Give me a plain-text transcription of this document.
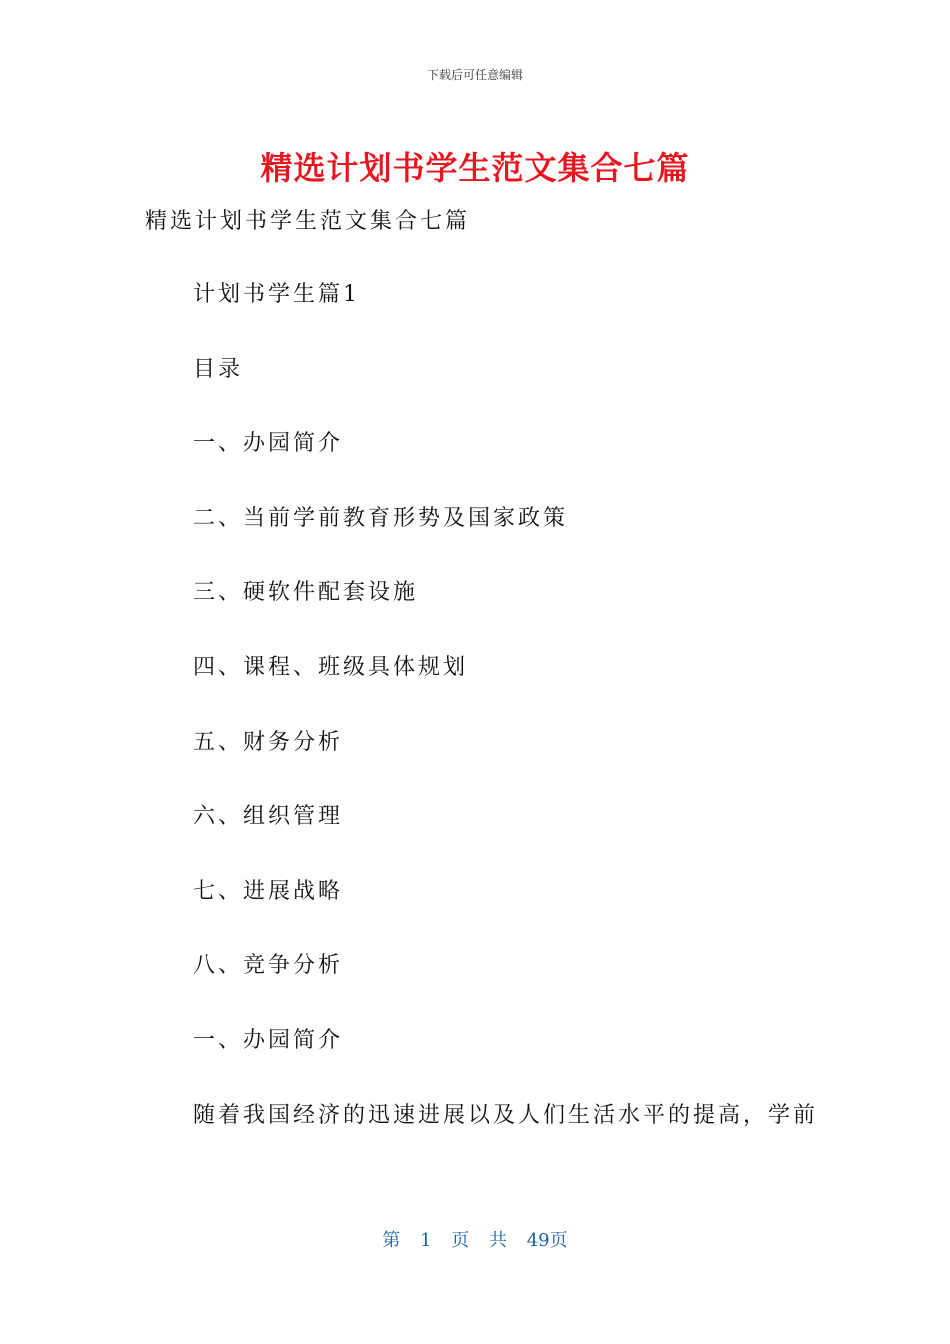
下载后可任意编辑
精选计划书学生范文集合七篇
精选计划书学生范文集合七篇
计划书学生篇1
目录
一、办园简介
二、当前学前教育形势及国家政策
三、硬软件配套设施
四、课程、班级具体规划
五、财务分析
六、组织管理
七、进展战略
八、竞争分析
一、办园简介
随着我国经济的迅速进展以及人们生活水平的提高，学前
第 1 页 共 49页
